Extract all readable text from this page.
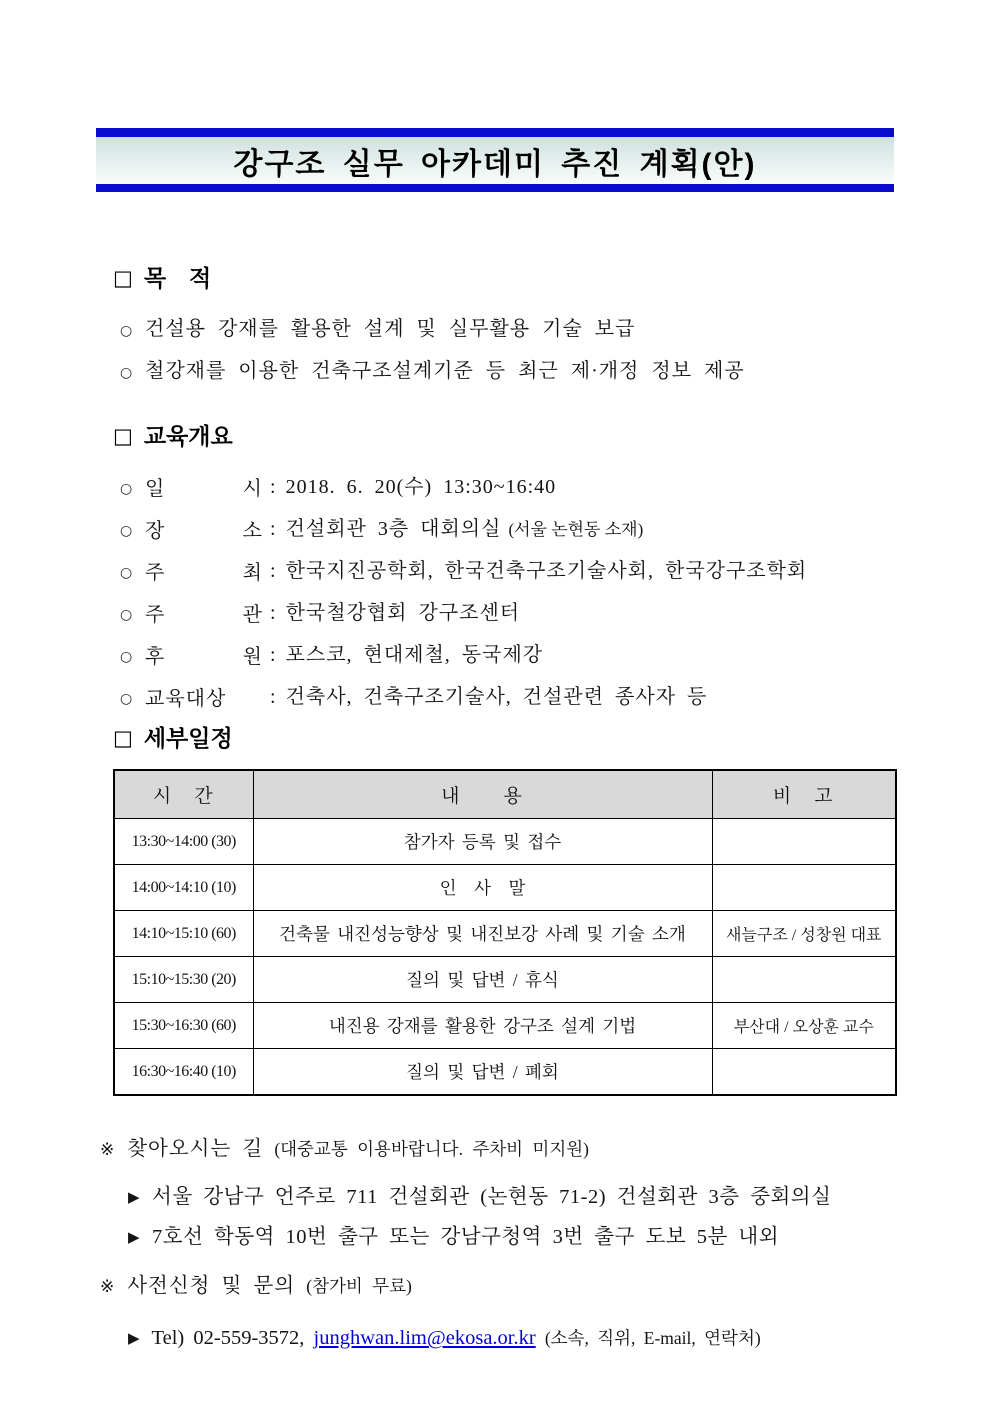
강구조 실무 아카데미 추진 계획(안)
□ 목　적
○ 건설용 강재를 활용한 설계 및 실무활용 기술 보급
○ 철강재를 이용한 건축구조설계기준 등 최근 제·개정 정보 제공
□ 교육개요
○ 일　　시 : 2018. 6. 20(수) 13:30~16:40
○ 장　　소 : 건설회관 3층 대회의실 (서울 논현동 소재)
○ 주　　최 : 한국지진공학회, 한국건축구조기술사회, 한국강구조학회
○ 주　　관 : 한국철강협회 강구조센터
○ 후　　원 : 포스코, 현대제철, 동국제강
○ 교육대상 : 건축사, 건축구조기술사, 건설관련 종사자 등
□ 세부일정
시　간	내　　용	비　고
13:30~14:00 (30)	참가자 등록 및 접수	
14:00~14:10 (10)	인　사　말	
14:10~15:10 (60)	건축물 내진성능향상 및 내진보강 사례 및 기술 소개	새늘구조 / 성창원 대표
15:10~15:30 (20)	질의 및 답변 / 휴식	
15:30~16:30 (60)	내진용 강재를 활용한 강구조 설계 기법	부산대 / 오상훈 교수
16:30~16:40 (10)	질의 및 답변 / 폐회	
※ 찾아오시는 길 (대중교통 이용바랍니다. 주차비 미지원)
▶ 서울 강남구 언주로 711 건설회관 (논현동 71-2) 건설회관 3층 중회의실
▶ 7호선 학동역 10번 출구 또는 강남구청역 3번 출구 도보 5분 내외
※ 사전신청 및 문의 (참가비 무료)
▶ Tel) 02-559-3572, junghwan.lim@ekosa.or.kr (소속, 직위, E-mail, 연락처)
